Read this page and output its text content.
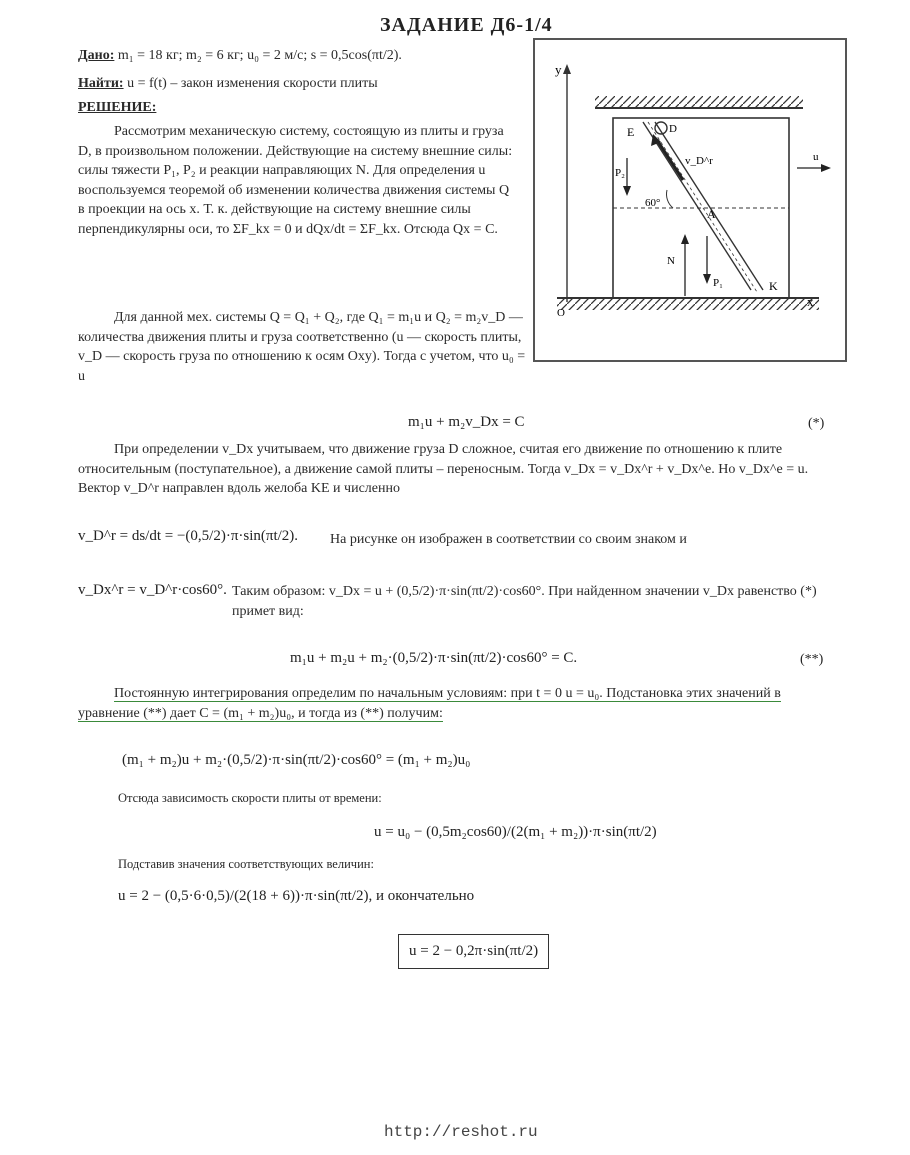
ЗАДАНИЕ Д6-1/4
Дано: m₁ = 18 кг; m₂ = 6 кг; u₀ = 2 м/с; s = 0,5cos(πt/2).
Найти: u = f(t) – закон изменения скорости плиты
РЕШЕНИЕ:
Рассмотрим механическую систему, состоящую из плиты и груза D, в произвольном положении. Действующие на систему внешние силы: силы тяжести P₁, P₂ и реакции направляющих N. Для определения u воспользуемся теоремой об изменении количества движения системы Q в проекции на ось x. Т. к. действующие на систему внешние силы перпендикулярны оси, то ΣF_kx = 0 и dQx/dt = ΣF_kx. Отсюда Qx = C.
Для данной мех. системы Q = Q₁ + Q₂, где Q₁ = m₁u и Q₂ = m₂v_D — количества движения плиты и груза соответственно (u — скорость плиты, v_D — скорость груза по отношению к осям Oxy). Тогда с учетом, что u₀ = u
m₁u + m₂v_Dx = C	(*)
При определении v_Dx учитываем, что движение груза D сложное, считая его движение по отношению к плите относительным (поступательное), а движение самой плиты – переносным. Тогда v_Dx = v_Dx^r + v_Dx^e. Но v_Dx^e = u. Вектор v_D^r направлен вдоль желоба KE и численно
v_D^r = ds/dt = −(0,5/2)·π·sin(πt/2). На рисунке он изображен в соответствии со своим знаком и
v_Dx^r = v_D^r·cos60°. Таким образом: v_Dx = u + (0,5/2)·π·sin(πt/2)·cos60°. При найденном значении v_Dx равенство (*) примет вид:
m₁u + m₂u + m₂·(0,5/2)·π·sin(πt/2)·cos60° = C.	(**)
Постоянную интегрирования определим по начальным условиям: при t = 0 u = u₀. Подстановка этих значений в уравнение (**) дает C = (m₁ + m₂)u₀, и тогда из (**) получим:
(m₁ + m₂)u + m₂·(0,5/2)·π·sin(πt/2)·cos60° = (m₁ + m₂)u₀
Отсюда зависимость скорости плиты от времени:
u = u₀ − (0,5m₂cos60)/(2(m₁ + m₂))·π·sin(πt/2)
Подставив значения соответствующих величин:
u = 2 − (0,5·6·0,5)/(2(18 + 6))·π·sin(πt/2), и окончательно
u = 2 − 0,2π·sin(πt/2)
y
x
v_D^r
P₂
60°
E	D
A
K
N
P₁
u
O
http://reshot.ru
